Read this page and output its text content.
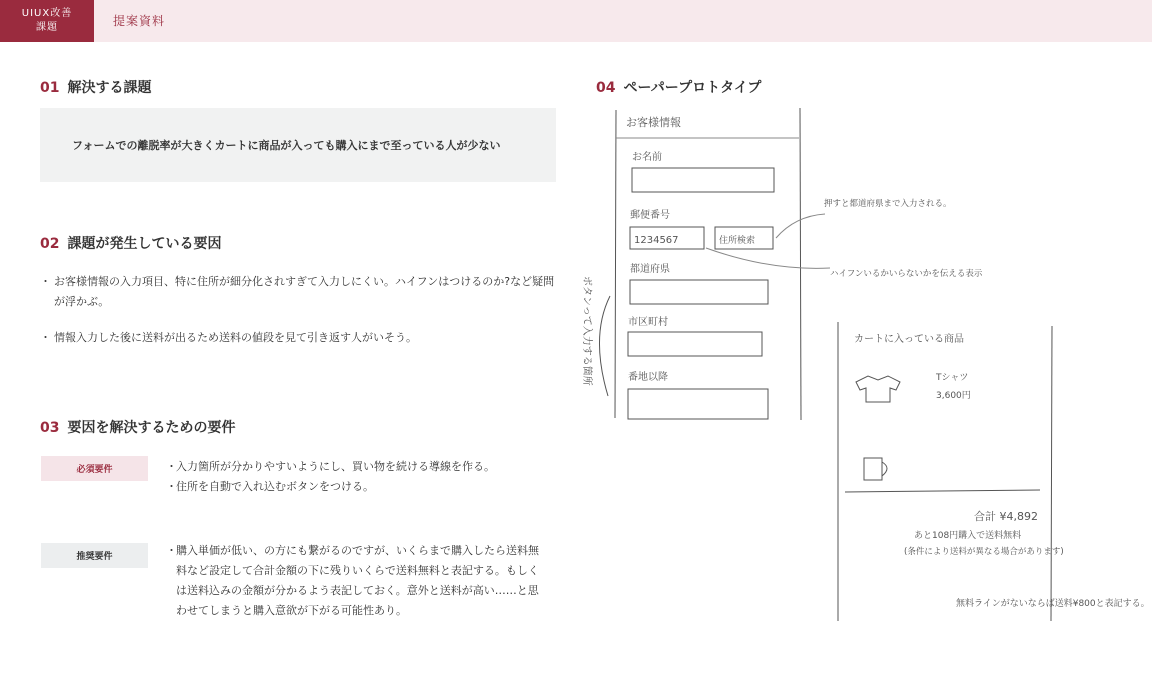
UIUX改善
課題	提案資料
01 解決する課題
フォームでの離脱率が大きくカートに商品が入っても購入にまで至っている人が少ない
02 課題が発生している要因
・ お客様情報の入力項目、特に住所が細分化されすぎて入力しにくい。ハイフンはつけるのか?など疑問が浮かぶ。
・ 情報入力した後に送料が出るため送料の値段を見て引き返す人がいそう。
03 要因を解決するための要件
必須要件	・ 入力箇所が分かりやすいようにし、買い物を続ける導線を作る。
・ 住所を自動で入れ込むボタンをつける。
推奨要件	・ 購入単価が低い、の方にも繋がるのですが、いくらまで購入したら送料無料など設定して合計金額の下に残りいくらで送料無料と表記する。もしくは送料込みの金額が分かるよう表記しておく。意外と送料が高い……と思わせてしまうと購入意欲が下がる可能性あり。
04 ペーパープロトタイプ
お客様情報
お名前
郵便番号
1234567	住所検索
都道府県
市区町村
番地以降
ボタンって入力する箇所
押すと都道府県まで入力される。
ハイフンいるかいらないかを伝える表示
カートに入っている商品
Tシャツ
3,600円
合計 ¥4,892
あと108円購入で送料無料
(条件により送料が異なる場合があります)
無料ラインがないならば送料¥800と表記する。
